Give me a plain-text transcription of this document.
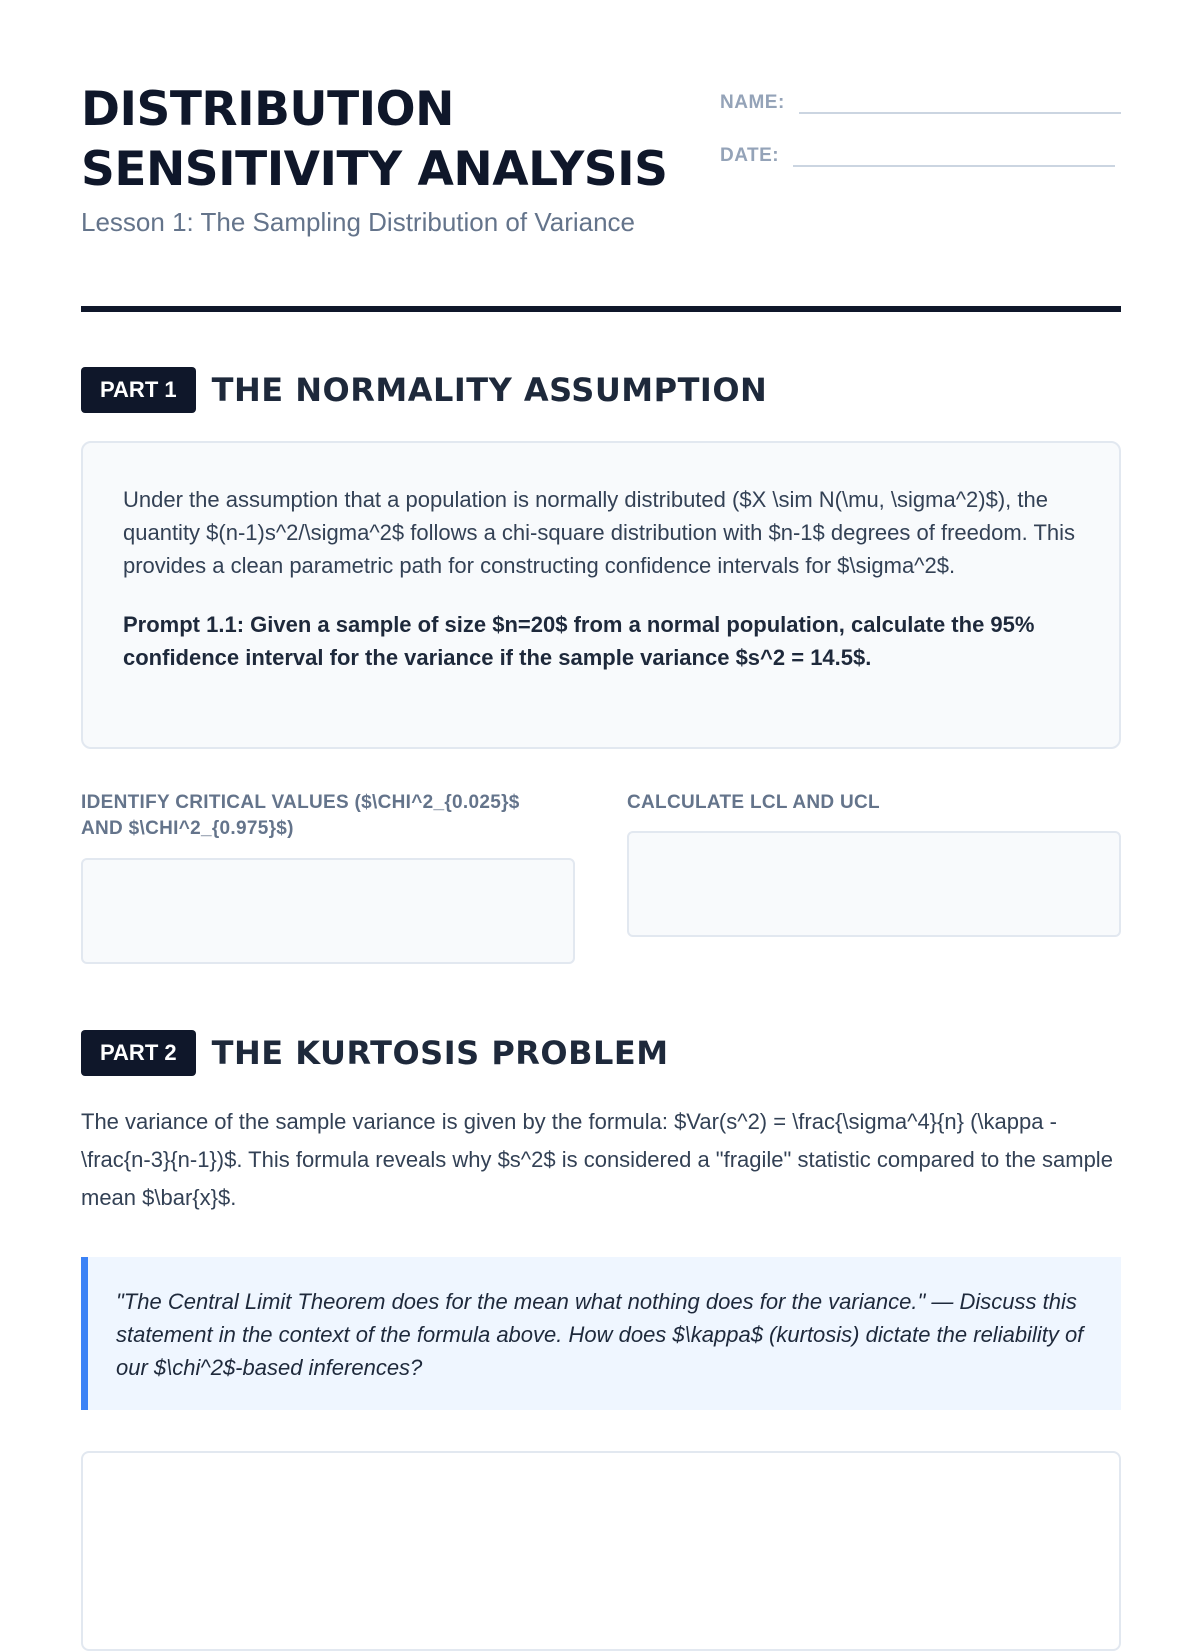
DISTRIBUTION SENSITIVITY ANALYSIS

Lesson 1: The Sampling Distribution of Variance

NAME:
DATE:
PART 1	THE NORMALITY ASSUMPTION

Under the assumption that a population is normally distributed ($X \sim N(\mu, \sigma^2)$), the quantity $(n-1)s^2/\sigma^2$ follows a chi-square distribution with $n-1$ degrees of freedom. This provides a clean parametric path for constructing confidence intervals for $\sigma^2$.

Prompt 1.1: Given a sample of size $n=20$ from a normal population, calculate the 95% confidence interval for the variance if the sample variance $s^2 = 14.5$.

IDENTIFY CRITICAL VALUES ($\CHI^2_{0.025}$ AND $\CHI^2_{0.975}$)

CALCULATE LCL AND UCL

PART 2	THE KURTOSIS PROBLEM

The variance of the sample variance is given by the formula: $Var(s^2) = \frac{\sigma^4}{n} (\kappa - \frac{n-3}{n-1})$. This formula reveals why $s^2$ is considered a "fragile" statistic compared to the sample mean $\bar{x}$.

"The Central Limit Theorem does for the mean what nothing does for the variance." — Discuss this statement in the context of the formula above. How does $\kappa$ (kurtosis) dictate the reliability of our $\chi^2$-based inferences?
